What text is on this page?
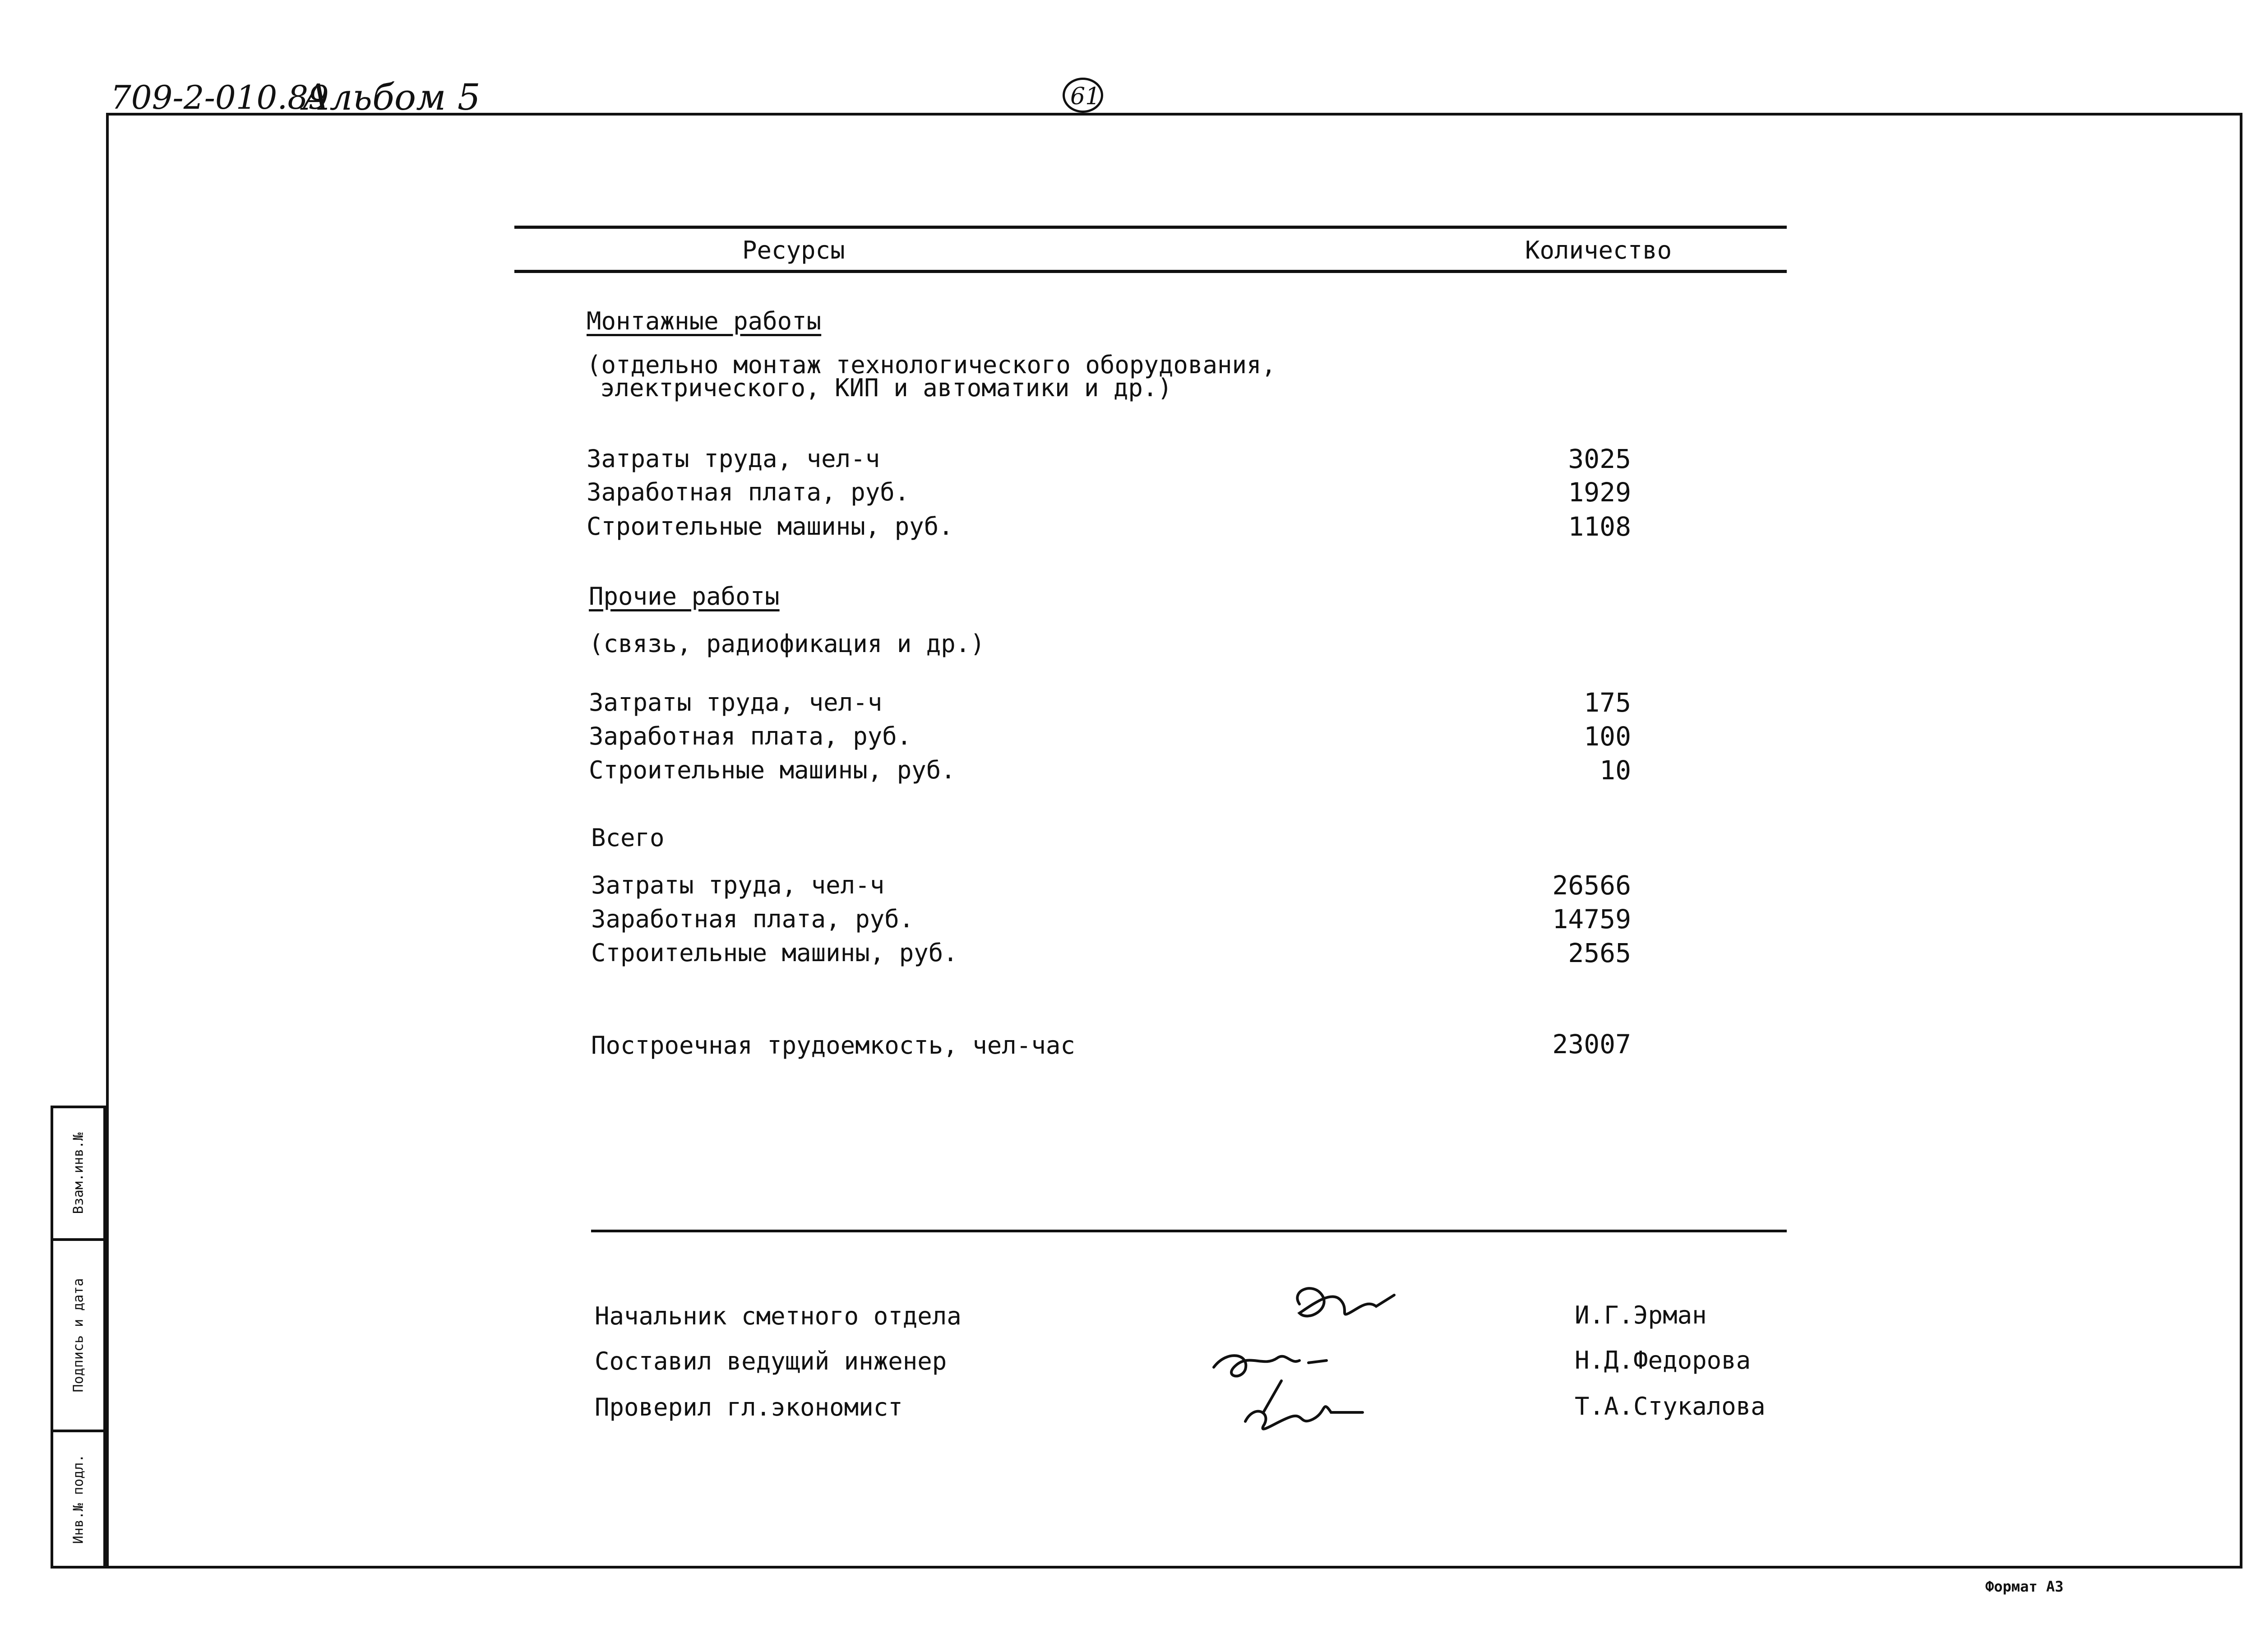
709-2-010.89
Альбом 5	61
Ресурсы	Количество
Монтажные работы
(отдельно монтаж технологического оборудования,
электрического, КИП и автоматики и др.)
Затраты труда, чел-ч	3025
Заработная плата, руб.	1929
Строительные машины, руб.	1108
Прочие работы
(связь, радиофикация и др.)
Затраты труда, чел-ч	175
Заработная плата, руб.	100
Строительные машины, руб.	10
Всего
Затраты труда, чел-ч	26566
Заработная плата, руб.	14759
Строительные машины, руб.	2565
Построечная трудоемкость, чел-час	23007
Начальник сметного отдела	И.Г.Эрман
Составил ведущий инженер	Н.Д.Федорова
Проверил гл.экономист	Т.А.Стукалова
Взам.инв.№
Подпись и дата
Инв.№ подл.
Формат А3
